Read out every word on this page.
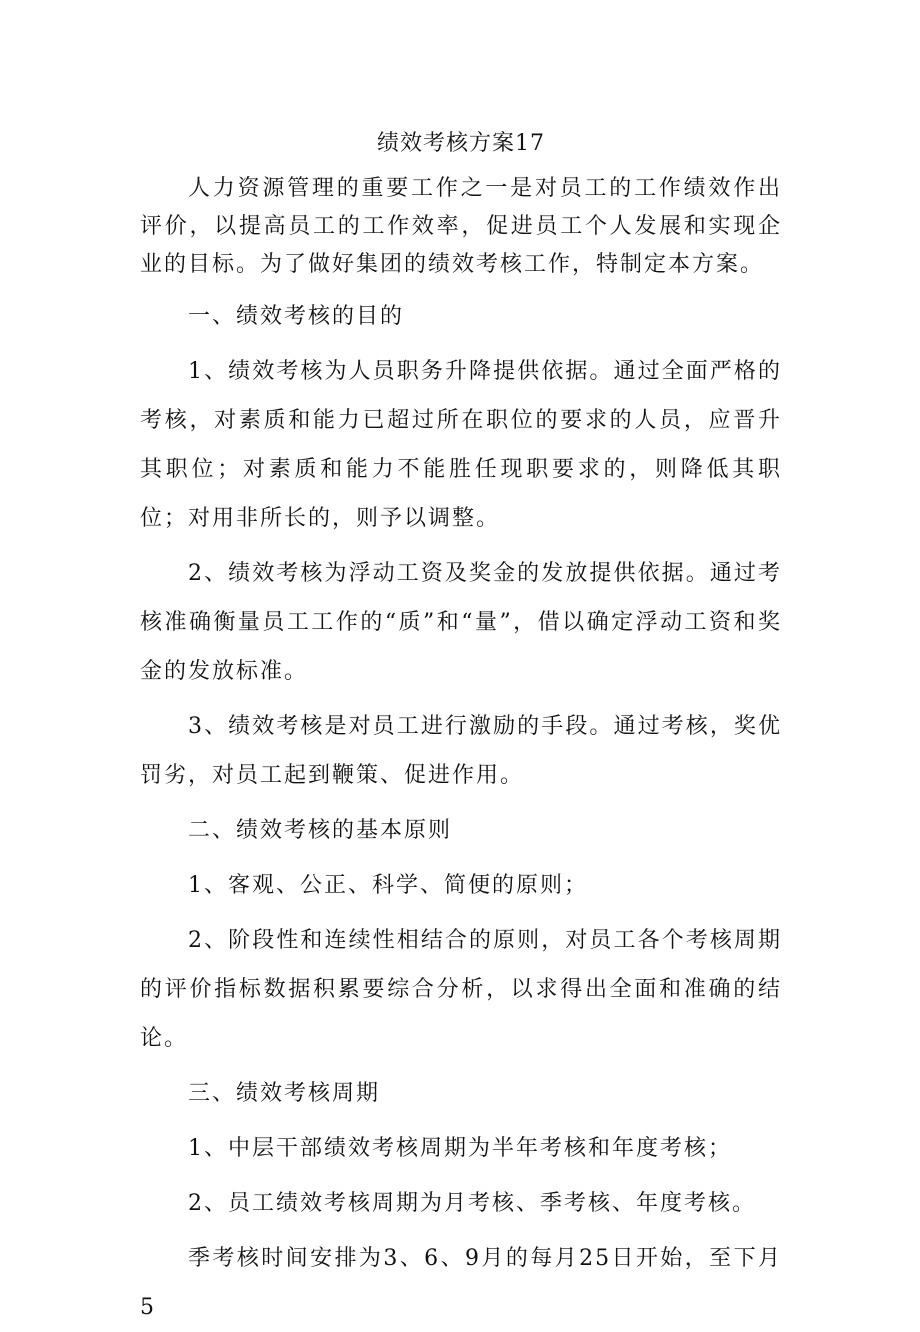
绩效考核方案17

人力资源管理的重要工作之一是对员工的工作绩效作出评价，以提高员工的工作效率，促进员工个人发展和实现企业的目标。为了做好集团的绩效考核工作，特制定本方案。

一、绩效考核的目的

1、绩效考核为人员职务升降提供依据。通过全面严格的考核，对素质和能力已超过所在职位的要求的人员，应晋升其职位；对素质和能力不能胜任现职要求的，则降低其职位；对用非所长的，则予以调整。

2、绩效考核为浮动工资及奖金的发放提供依据。通过考核准确衡量员工工作的“质”和“量”，借以确定浮动工资和奖金的发放标准。

3、绩效考核是对员工进行激励的手段。通过考核，奖优罚劣，对员工起到鞭策、促进作用。

二、绩效考核的基本原则

1、客观、公正、科学、简便的原则；

2、阶段性和连续性相结合的原则，对员工各个考核周期的评价指标数据积累要综合分析，以求得出全面和准确的结论。

三、绩效考核周期

1、中层干部绩效考核周期为半年考核和年度考核；

2、员工绩效考核周期为月考核、季考核、年度考核。

季考核时间安排为3、6、9月的每月25日开始，至下月5
